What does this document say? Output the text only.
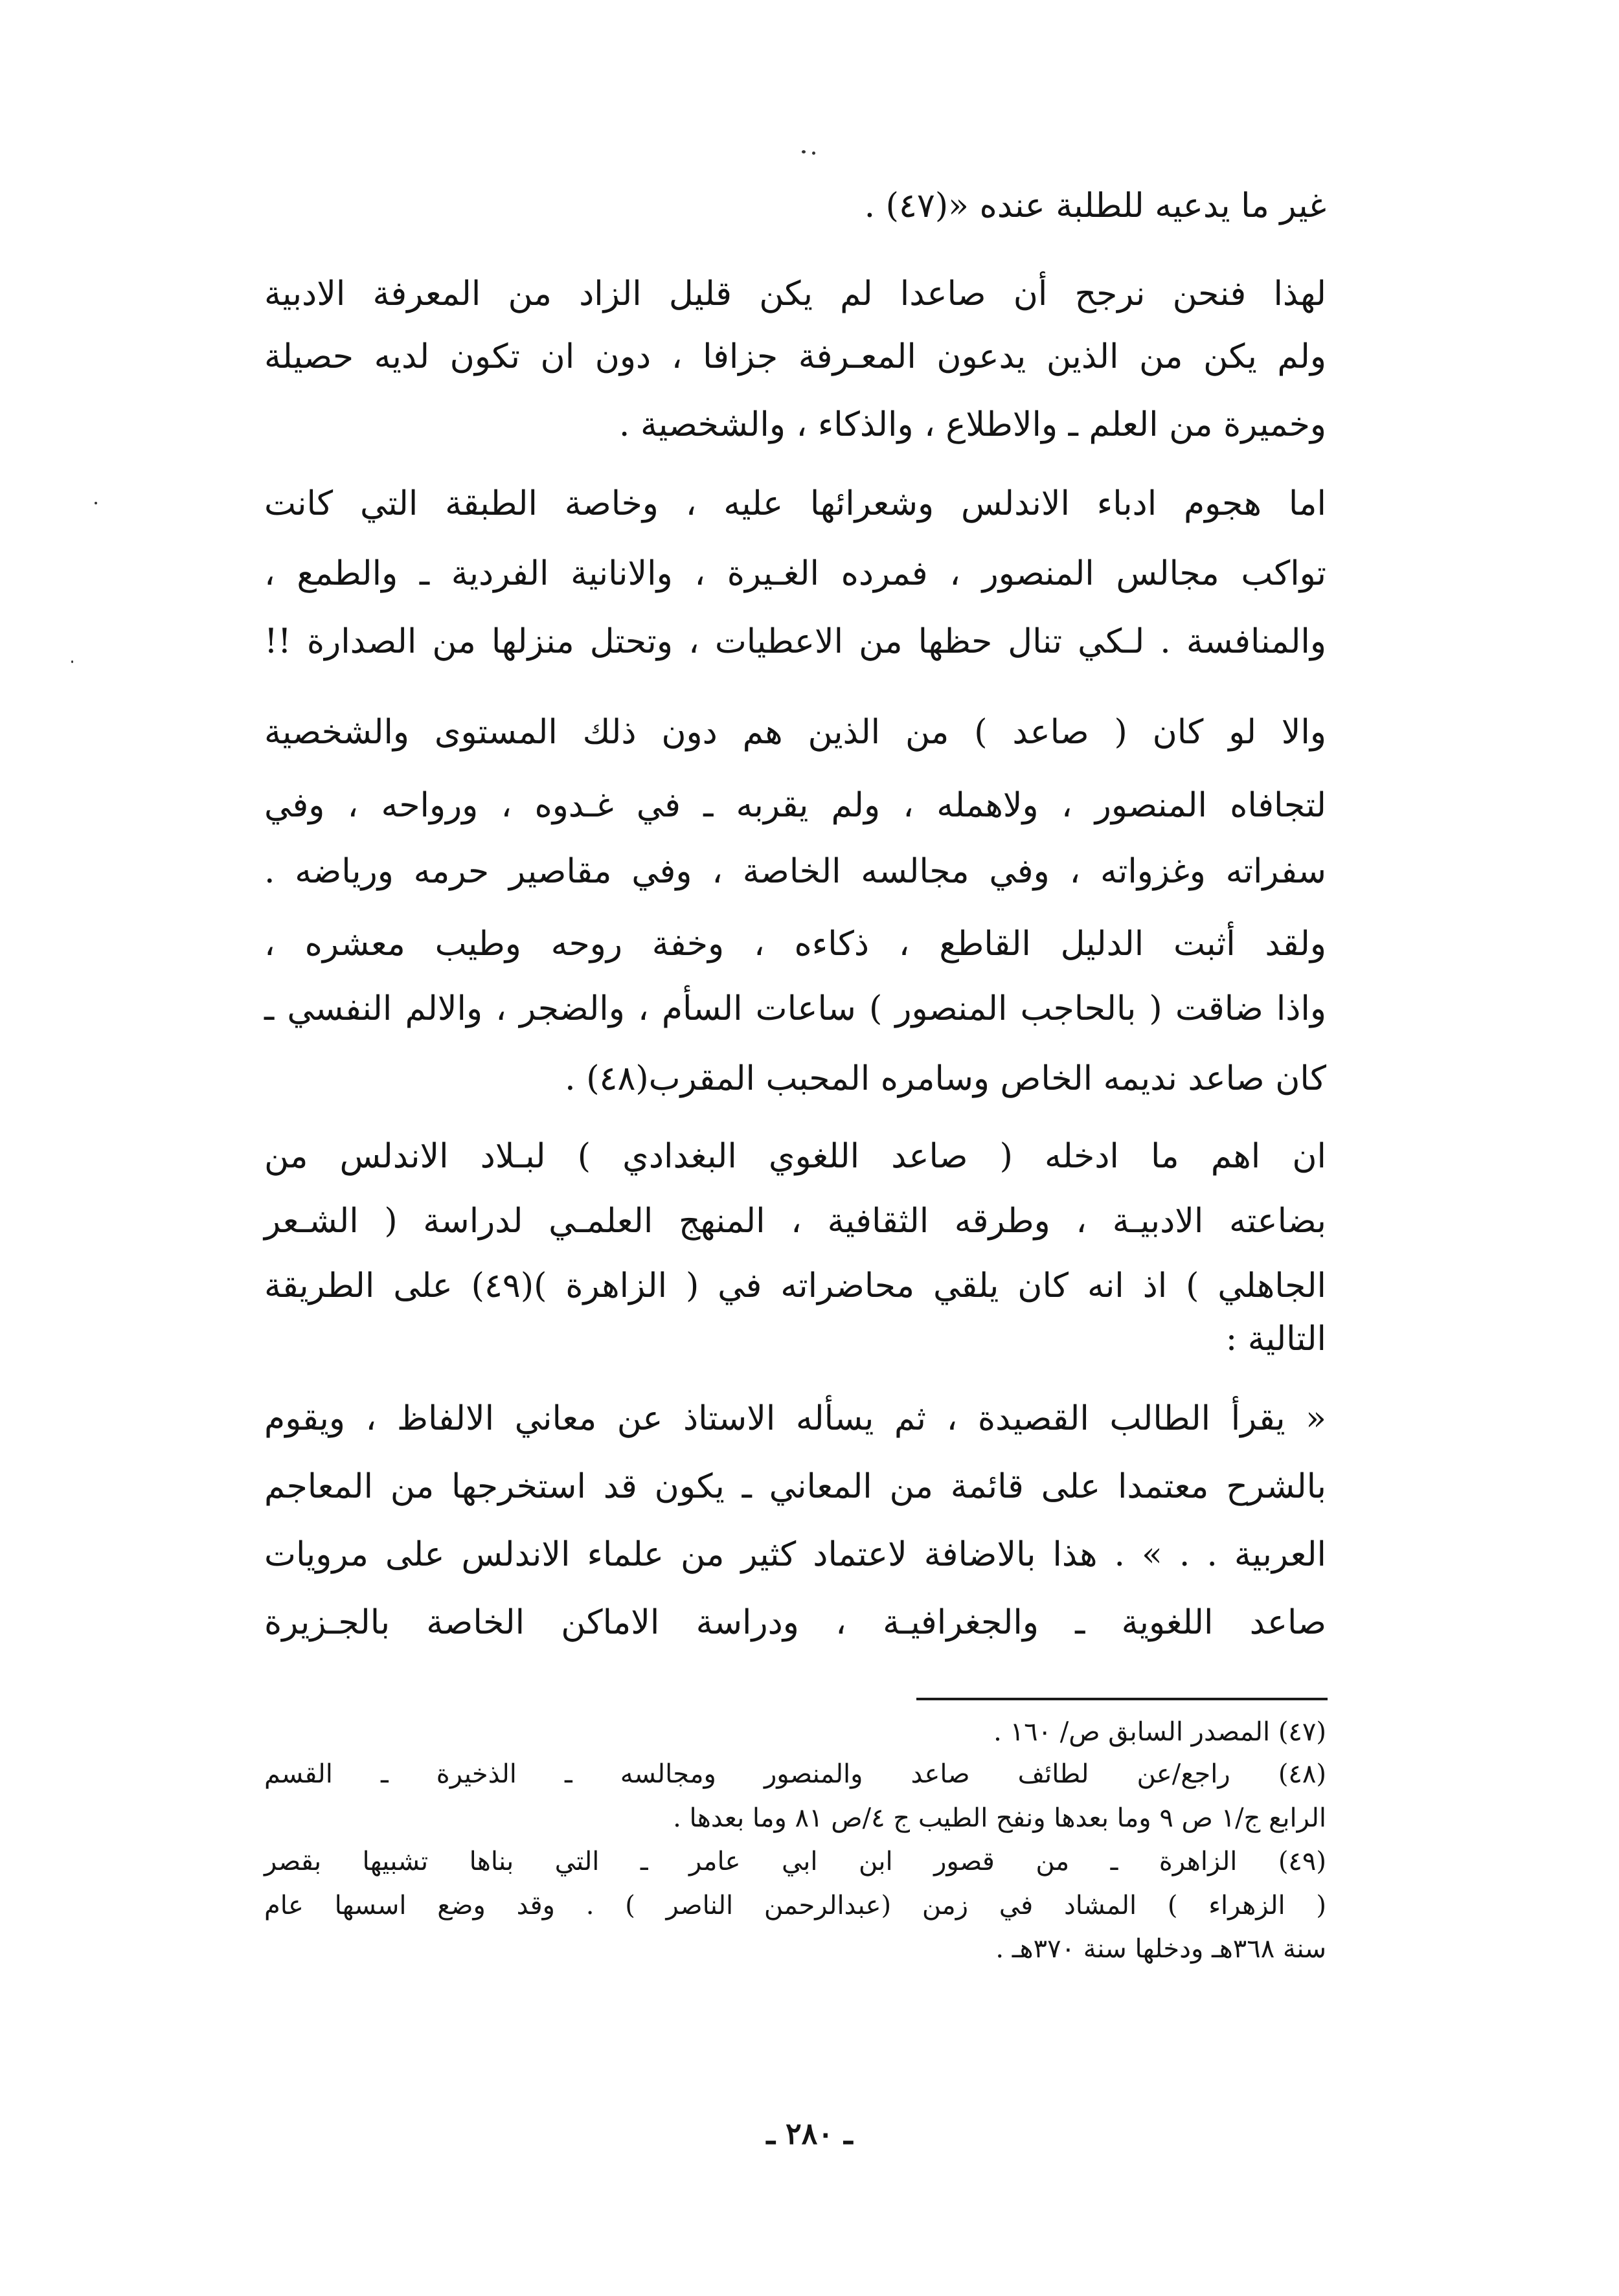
غير ما يدعيه للطلبة عنده «(٤٧) .
لهذا فنحن نرجح أن صاعدا لم يكن قليل الزاد من المعرفة الادبية
ولم يكن من الذين يدعون المعـرفة جزافا ، دون ان تكون لديه حصيلة
وخميرة من العلم ـ والاطلاع ، والذكاء ، والشخصية .
اما هجوم ادباء الاندلس وشعرائها عليه ، وخاصة الطبقة التي كانت
تواكب مجالس المنصور ، فمرده الغـيرة ، والانانية الفردية ـ والطمع ،
والمنافسة . لـكي تنال حظها من الاعطيات ، وتحتل منزلها من الصدارة !!
والا لو كان ( صاعد ) من الذين هم دون ذلك المستوى والشخصية
لتجافاه المنصور ، ولاهمله ، ولم يقربه ـ في غـدوه ، ورواحه ، وفي
سفراته وغزواته ، وفي مجالسه الخاصة ، وفي مقاصير حرمه ورياضه .
ولقد أثبت الدليل القاطع ، ذكاءه ، وخفة روحه وطيب معشره ،
واذا ضاقت ( بالحاجب المنصور ) ساعات السأم ، والضجر ، والالم النفسي ـ
كان صاعد نديمه الخاص وسامره المحبب المقرب(٤٨) .
ان اهم ما ادخله ( صاعد اللغوي البغدادي ) لبـلاد الاندلس من
بضاعته الادبيـة ، وطرقه الثقافية ، المنهج العلمـي لدراسة ( الشـعر
الجاهلي ) اذ انه كان يلقي محاضراته في ( الزاهرة )(٤٩) على الطريقة
التالية :
« يقرأ الطالب القصيدة ، ثم يسأله الاستاذ عن معاني الالفاظ ، ويقوم
بالشرح معتمدا على قائمة من المعاني ـ يكون قد استخرجها من المعاجم
العربية . . » . هذا بالاضافة لاعتماد كثير من علماء الاندلس على مرويات
صاعد اللغوية ـ والجغرافيـة ، ودراسة الاماكن الخاصة بالجـزيرة
(٤٧) المصدر السابق ص/ ١٦٠ .
(٤٨) راجع/عن لطائف صاعد والمنصور ومجالسه ـ الذخيرة ـ القسم
الرابع ج/١ ص ٩ وما بعدها ونفح الطيب ج ٤/ص ٨١ وما بعدها .
(٤٩) الزاهرة ـ من قصور ابن ابي عامر ـ التي بناها تشبيها بقصر
( الزهراء ) المشاد في زمن (عبدالرحمن الناصر ) . وقد وضع اسسها عام
سنة ٣٦٨هـ ودخلها سنة ٣٧٠هـ .
ـ ٢٨٠ ـ
